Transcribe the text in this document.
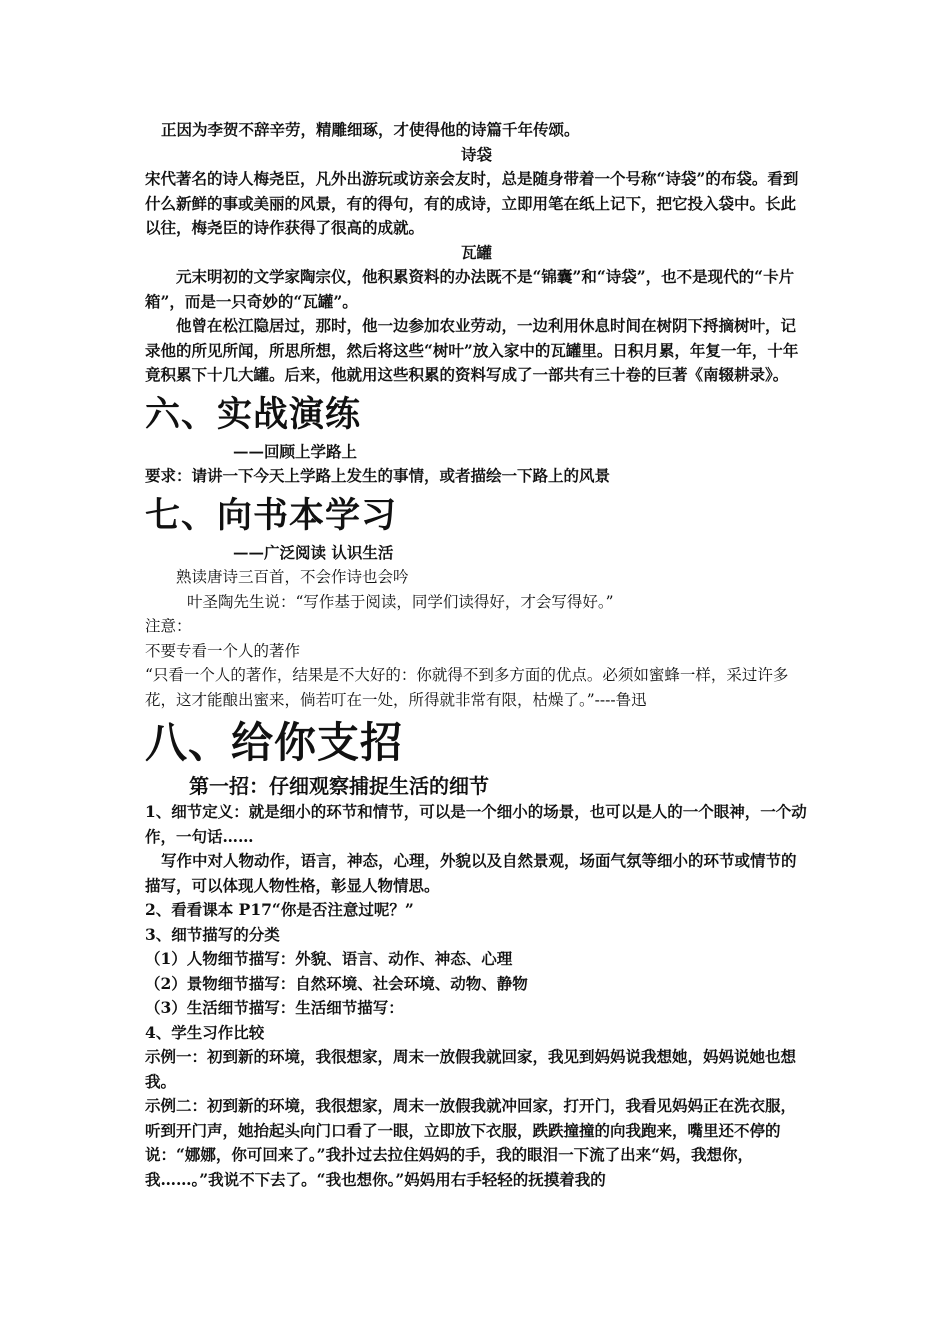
正因为李贺不辞辛劳，精雕细琢，才使得他的诗篇千年传颂。

诗袋

宋代著名的诗人梅尧臣，凡外出游玩或访亲会友时，总是随身带着一个号称“诗袋”的布袋。看到什么新鲜的事或美丽的风景，有的得句，有的成诗，立即用笔在纸上记下，把它投入袋中。长此以往，梅尧臣的诗作获得了很高的成就。

瓦罐

元末明初的文学家陶宗仪，他积累资料的办法既不是“锦囊”和“诗袋”，也不是现代的“卡片箱”，而是一只奇妙的“瓦罐”。

他曾在松江隐居过，那时，他一边参加农业劳动，一边利用休息时间在树阴下捋摘树叶，记录他的所见所闻，所思所想，然后将这些“树叶”放入家中的瓦罐里。日积月累，年复一年，十年竟积累下十几大罐。后来，他就用这些积累的资料写成了一部共有三十卷的巨著《南辍耕录》。

六、实战演练

——回顾上学路上

要求：请讲一下今天上学路上发生的事情，或者描绘一下路上的风景

七、向书本学习

——广泛阅读 认识生活

熟读唐诗三百首，不会作诗也会吟

叶圣陶先生说：“写作基于阅读，同学们读得好，才会写得好。”

注意：

不要专看一个人的著作

“只看一个人的著作，结果是不大好的：你就得不到多方面的优点。必须如蜜蜂一样，采过许多花，这才能酿出蜜来，倘若叮在一处，所得就非常有限，枯燥了。”----鲁迅

八、给你支招

第一招：仔细观察捕捉生活的细节

1、细节定义：就是细小的环节和情节，可以是一个细小的场景，也可以是人的一个眼神，一个动作，一句话……

写作中对人物动作，语言，神态，心理，外貌以及自然景观，场面气氛等细小的环节或情节的描写，可以体现人物性格，彰显人物情思。

2、看看课本 P17“你是否注意过呢？”

3、细节描写的分类

（1）人物细节描写：外貌、语言、动作、神态、心理

（2）景物细节描写：自然环境、社会环境、动物、静物

（3）生活细节描写：生活细节描写：

4、学生习作比较

示例一：初到新的环境，我很想家，周末一放假我就回家，我见到妈妈说我想她，妈妈说她也想我。

示例二：初到新的环境，我很想家，周末一放假我就冲回家，打开门，我看见妈妈正在洗衣服，听到开门声，她抬起头向门口看了一眼，立即放下衣服，跌跌撞撞的向我跑来，嘴里还不停的说：“娜娜，你可回来了。”我扑过去拉住妈妈的手，我的眼泪一下流了出来“妈，我想你，我……。”我说不下去了。“我也想你。”妈妈用右手轻轻的抚摸着我的
